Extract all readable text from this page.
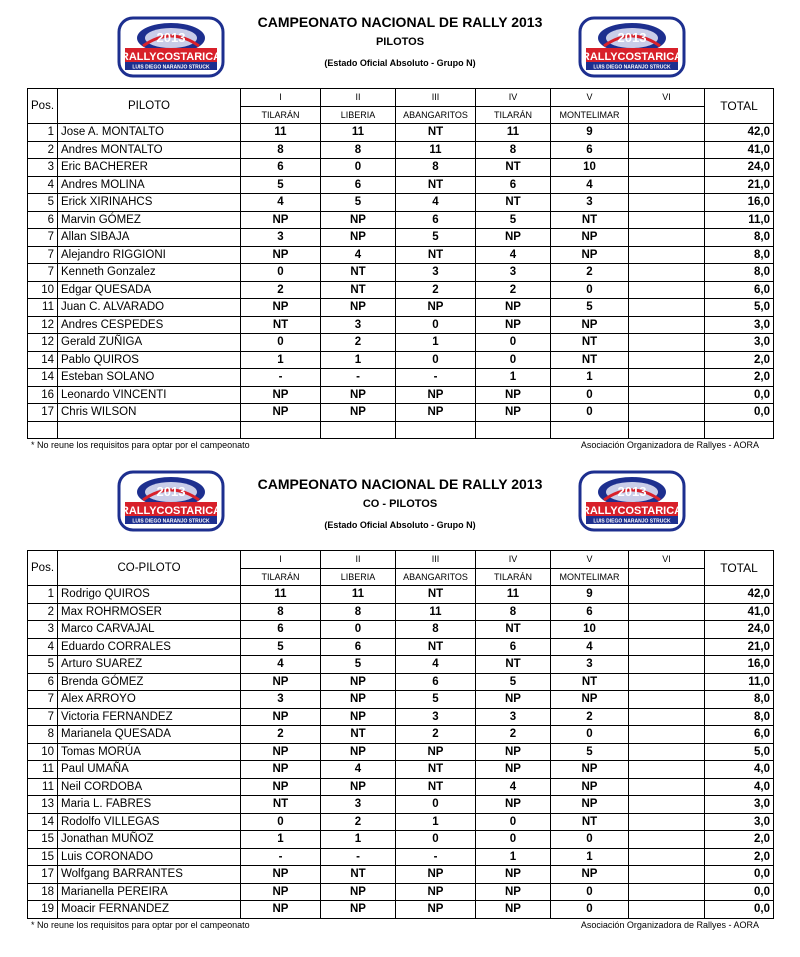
2013
RALLYCOSTARICA
LUIS DIEGO NARANJO STRUCK
CAMPEONATO NACIONAL DE RALLY 2013
PILOTOS
(Estado Oficial Absoluto - Grupo N)
2013
RALLYCOSTARICA
LUIS DIEGO NARANJO STRUCK
Pos.	PILOTO	I	II	III	IV	V	VI	TOTAL
		TILARÁN	LIBERIA	ABANGARITOS	TILARÁN	MONTELIMAR		
1	Jose A. MONTALTO	11	11	NT	11	9		42,0
2	Andres MONTALTO	8	8	11	8	6		41,0
3	Eric BACHERER	6	0	8	NT	10		24,0
4	Andres MOLINA	5	6	NT	6	4		21,0
5	Erick XIRINAHCS	4	5	4	NT	3		16,0
6	Marvin GÓMEZ	NP	NP	6	5	NT		11,0
7	Allan SIBAJA	3	NP	5	NP	NP		8,0
7	Alejandro RIGGIONI	NP	4	NT	4	NP		8,0
7	Kenneth Gonzalez	0	NT	3	3	2		8,0
10	Edgar QUESADA	2	NT	2	2	0		6,0
11	Juan C. ALVARADO	NP	NP	NP	NP	5		5,0
12	Andres CESPEDES	NT	3	0	NP	NP		3,0
12	Gerald ZUÑIGA	0	2	1	0	NT		3,0
14	Pablo QUIROS	1	1	0	0	NT		2,0
14	Esteban SOLANO	-	-	-	1	1		2,0
16	Leonardo VINCENTI	NP	NP	NP	NP	0		0,0
17	Chris WILSON	NP	NP	NP	NP	0		0,0

* No reune los requisitos para optar por el campeonato	Asociación Organizadora de Rallyes - AORA
2013
RALLYCOSTARICA
LUIS DIEGO NARANJO STRUCK
CAMPEONATO NACIONAL DE RALLY 2013
CO - PILOTOS
(Estado Oficial Absoluto - Grupo N)
2013
RALLYCOSTARICA
LUIS DIEGO NARANJO STRUCK
Pos.	CO-PILOTO	I	II	III	IV	V	VI	TOTAL
		TILARÁN	LIBERIA	ABANGARITOS	TILARÁN	MONTELIMAR		
1	Rodrigo QUIROS	11	11	NT	11	9		42,0
2	Max ROHRMOSER	8	8	11	8	6		41,0
3	Marco CARVAJAL	6	0	8	NT	10		24,0
4	Eduardo CORRALES	5	6	NT	6	4		21,0
5	Arturo SUAREZ	4	5	4	NT	3		16,0
6	Brenda GÓMEZ	NP	NP	6	5	NT		11,0
7	Alex ARROYO	3	NP	5	NP	NP		8,0
7	Victoria FERNANDEZ	NP	NP	3	3	2		8,0
8	Marianela QUESADA	2	NT	2	2	0		6,0
10	Tomas MORÚA	NP	NP	NP	NP	5		5,0
11	Paul UMAÑA	NP	4	NT	NP	NP		4,0
11	Neil CORDOBA	NP	NP	NT	4	NP		4,0
13	Maria L. FABRES	NT	3	0	NP	NP		3,0
14	Rodolfo VILLEGAS	0	2	1	0	NT		3,0
15	Jonathan MUÑOZ	1	1	0	0	0		2,0
15	Luis CORONADO	-	-	-	1	1		2,0
17	Wolfgang BARRANTES	NP	NT	NP	NP	NP		0,0
18	Marianella PEREIRA	NP	NP	NP	NP	0		0,0
19	Moacir FERNANDEZ	NP	NP	NP	NP	0		0,0
* No reune los requisitos para optar por el campeonato	Asociación Organizadora de Rallyes - AORA
